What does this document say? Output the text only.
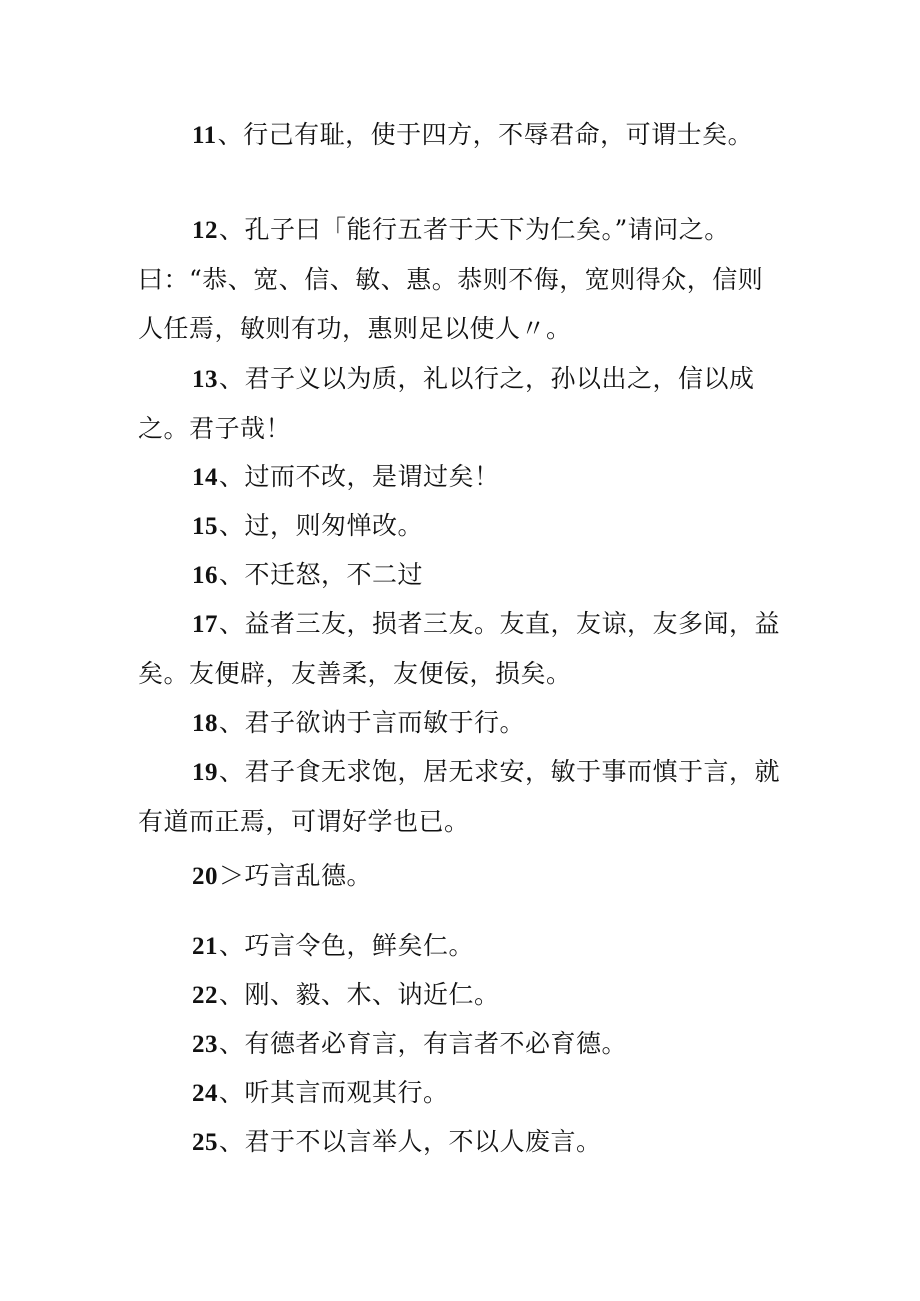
11、行己有耻，使于四方，不辱君命，可谓士矣。

12、孔子曰「能行五者于天下为仁矣。”请问之。曰：“恭、宽、信、敏、惠。恭则不侮，宽则得众，信则人任焉，敏则有功，惠则足以使人〃。

13、君子义以为质，礼以行之，孙以出之，信以成之。君子哉！

14、过而不改，是谓过矣！

15、过，则匆惮改。

16、不迁怒，不二过

17、益者三友，损者三友。友直，友谅，友多闻，益矣。友便辟，友善柔，友便佞，损矣。

18、君子欲讷于言而敏于行。

19、君子食无求饱，居无求安，敏于事而慎于言，就有道而正焉，可谓好学也已。

20＞巧言乱德。

21、巧言令色，鲜矣仁。

22、刚、毅、木、讷近仁。

23、有德者必育言，有言者不必育德。

24、听其言而观其行。

25、君于不以言举人，不以人废言。
